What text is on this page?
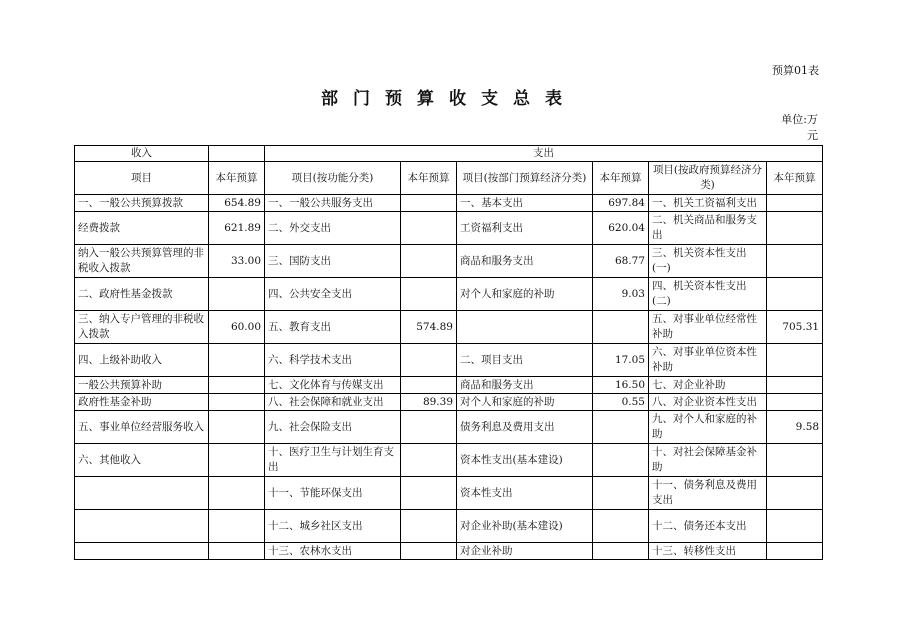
预算01表
部门预算收支总表
单位:万
元
收入		支出					
项目	本年预算	项目(按功能分类)	本年预算	项目(按部门预算经济分类)	本年预算	项目(按政府预算经济分类)	本年预算
一、一般公共预算拨款	654.89	一、一般公共服务支出		一、基本支出	697.84	一、机关工资福利支出	
经费拨款	621.89	二、外交支出		工资福利支出	620.04	二、机关商品和服务支出	
纳入一般公共预算管理的非税收入拨款	33.00	三、国防支出		商品和服务支出	68.77	三、机关资本性支出(一)	
二、政府性基金拨款		四、公共安全支出		对个人和家庭的补助	9.03	四、机关资本性支出(二)	
三、纳入专户管理的非税收入拨款	60.00	五、教育支出	574.89			五、对事业单位经常性补助	705.31
四、上级补助收入		六、科学技术支出		二、项目支出	17.05	六、对事业单位资本性补助	
一般公共预算补助		七、文化体育与传媒支出		商品和服务支出	16.50	七、对企业补助	
政府性基金补助		八、社会保障和就业支出	89.39	对个人和家庭的补助	0.55	八、对企业资本性支出	
五、事业单位经营服务收入		九、社会保险支出		债务利息及费用支出		九、对个人和家庭的补助	9.58
六、其他收入		十、医疗卫生与计划生育支出		资本性支出(基本建设)		十、对社会保障基金补助	
		十一、节能环保支出		资本性支出		十一、债务利息及费用支出	
		十二、城乡社区支出		对企业补助(基本建设)		十二、债务还本支出	
		十三、农林水支出		对企业补助		十三、转移性支出	
